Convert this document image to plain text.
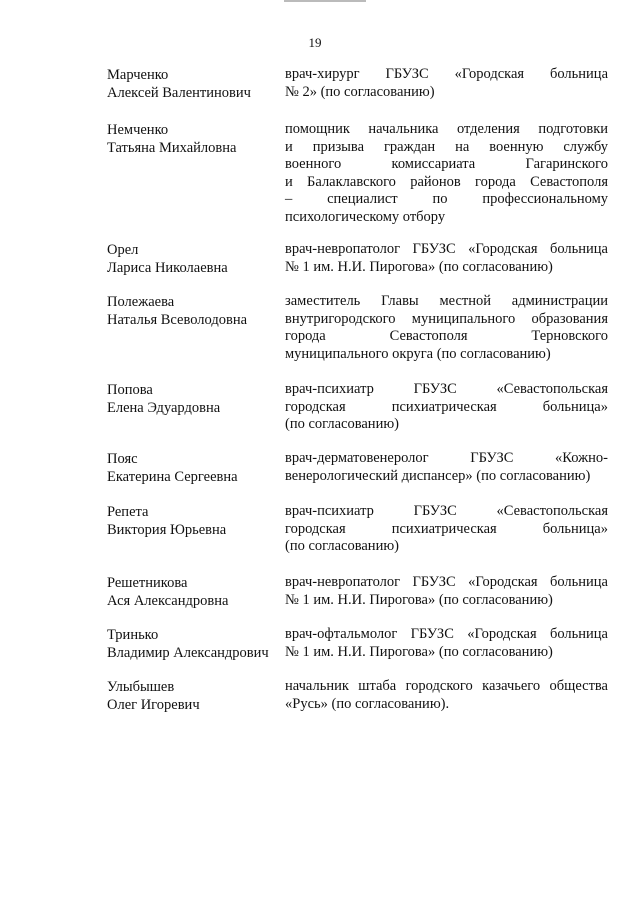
19
Марченко
Алексей Валентинович
врач-хирург ГБУЗС «Городская больница
№ 2» (по согласованию)
Немченко
Татьяна Михайловна
помощник начальника отделения подготовки
и призыва граждан на военную службу
военного комиссариата Гагаринского
и Балаклавского районов города Севастополя
– специалист по профессиональному
психологическому отбору
Орел
Лариса Николаевна
врач-невропатолог ГБУЗС «Городская больница
№ 1 им. Н.И. Пирогова» (по согласованию)
Полежаева
Наталья Всеволодовна
заместитель Главы местной администрации
внутригородского муниципального образования
города Севастополя Терновского
муниципального округа (по согласованию)
Попова
Елена Эдуардовна
врач-психиатр ГБУЗС «Севастопольская
городская психиатрическая больница»
(по согласованию)
Пояс
Екатерина Сергеевна
врач-дерматовенеролог ГБУЗС «Кожно-
венерологический диспансер» (по согласованию)
Репета
Виктория Юрьевна
врач-психиатр ГБУЗС «Севастопольская
городская психиатрическая больница»
(по согласованию)
Решетникова
Ася Александровна
врач-невропатолог ГБУЗС «Городская больница
№ 1 им. Н.И. Пирогова» (по согласованию)
Тринько
Владимир Александрович
врач-офтальмолог ГБУЗС «Городская больница
№ 1 им. Н.И. Пирогова» (по согласованию)
Улыбышев
Олег Игоревич
начальник штаба городского казачьего общества
«Русь» (по согласованию).
